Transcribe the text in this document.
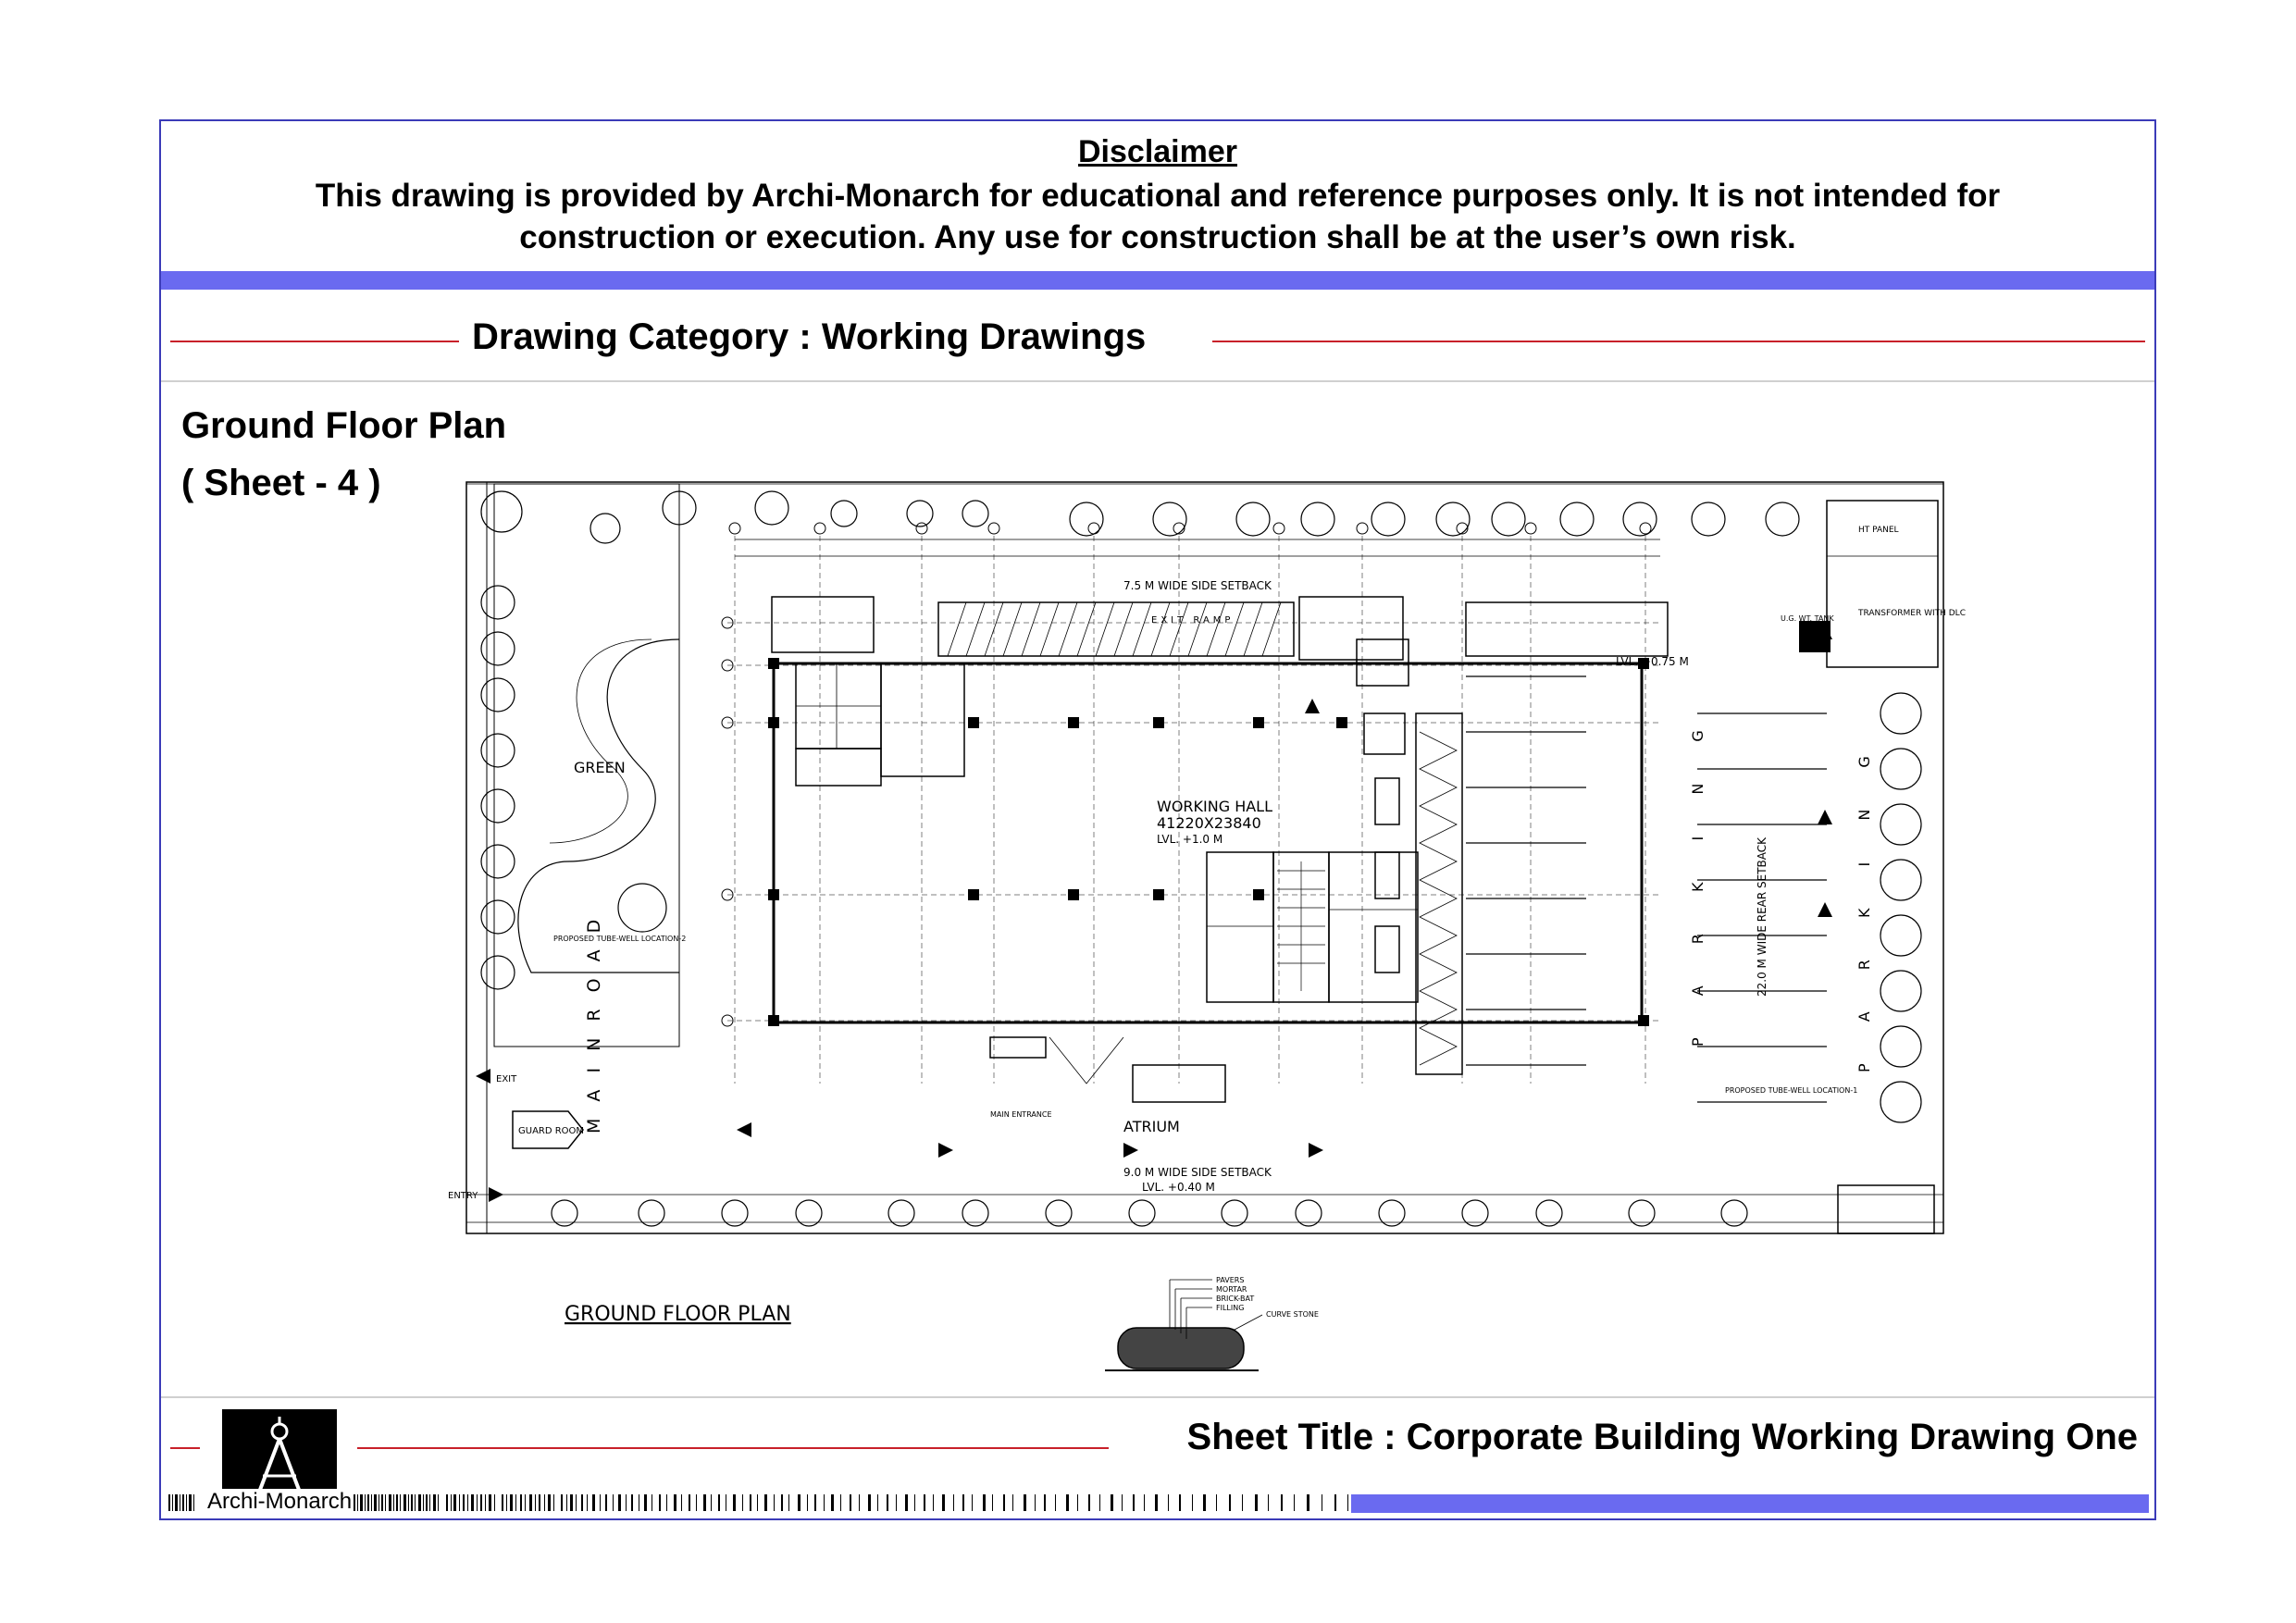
Disclaimer
This drawing is provided by Archi-Monarch for educational and reference purposes only. It is not intended for
construction or execution. Any use for construction shall be at the user’s own risk.
Drawing Category : Working Drawings
Ground Floor Plan
( Sheet - 4 )
M A I N R O A D
GREEN
ATRIUM
WORKING HALL
41220X23840
LVL. +1.0 M
7.5 M WIDE SIDE SETBACK
9.0 M WIDE SIDE SETBACK
LVL. +0.40 M
LVL. +0.75 M
22.0 M WIDE REAR SETBACK
P A R K I N G	P A R K I N G
EXIT
ENTRY
GUARD ROOM
HT PANEL
TRANSFORMER WITH DLC
EXIT RAMP	U.G. WT. TANK
PROPOSED TUBE-WELL LOCATION-1
PROPOSED TUBE-WELL LOCATION-2
MAIN ENTRANCE
GROUND FLOOR PLAN
PAVERS
MORTAR
BRICK-BAT
FILLING
CURVE STONE
Archi-Monarch
Sheet Title : Corporate Building Working Drawing One
